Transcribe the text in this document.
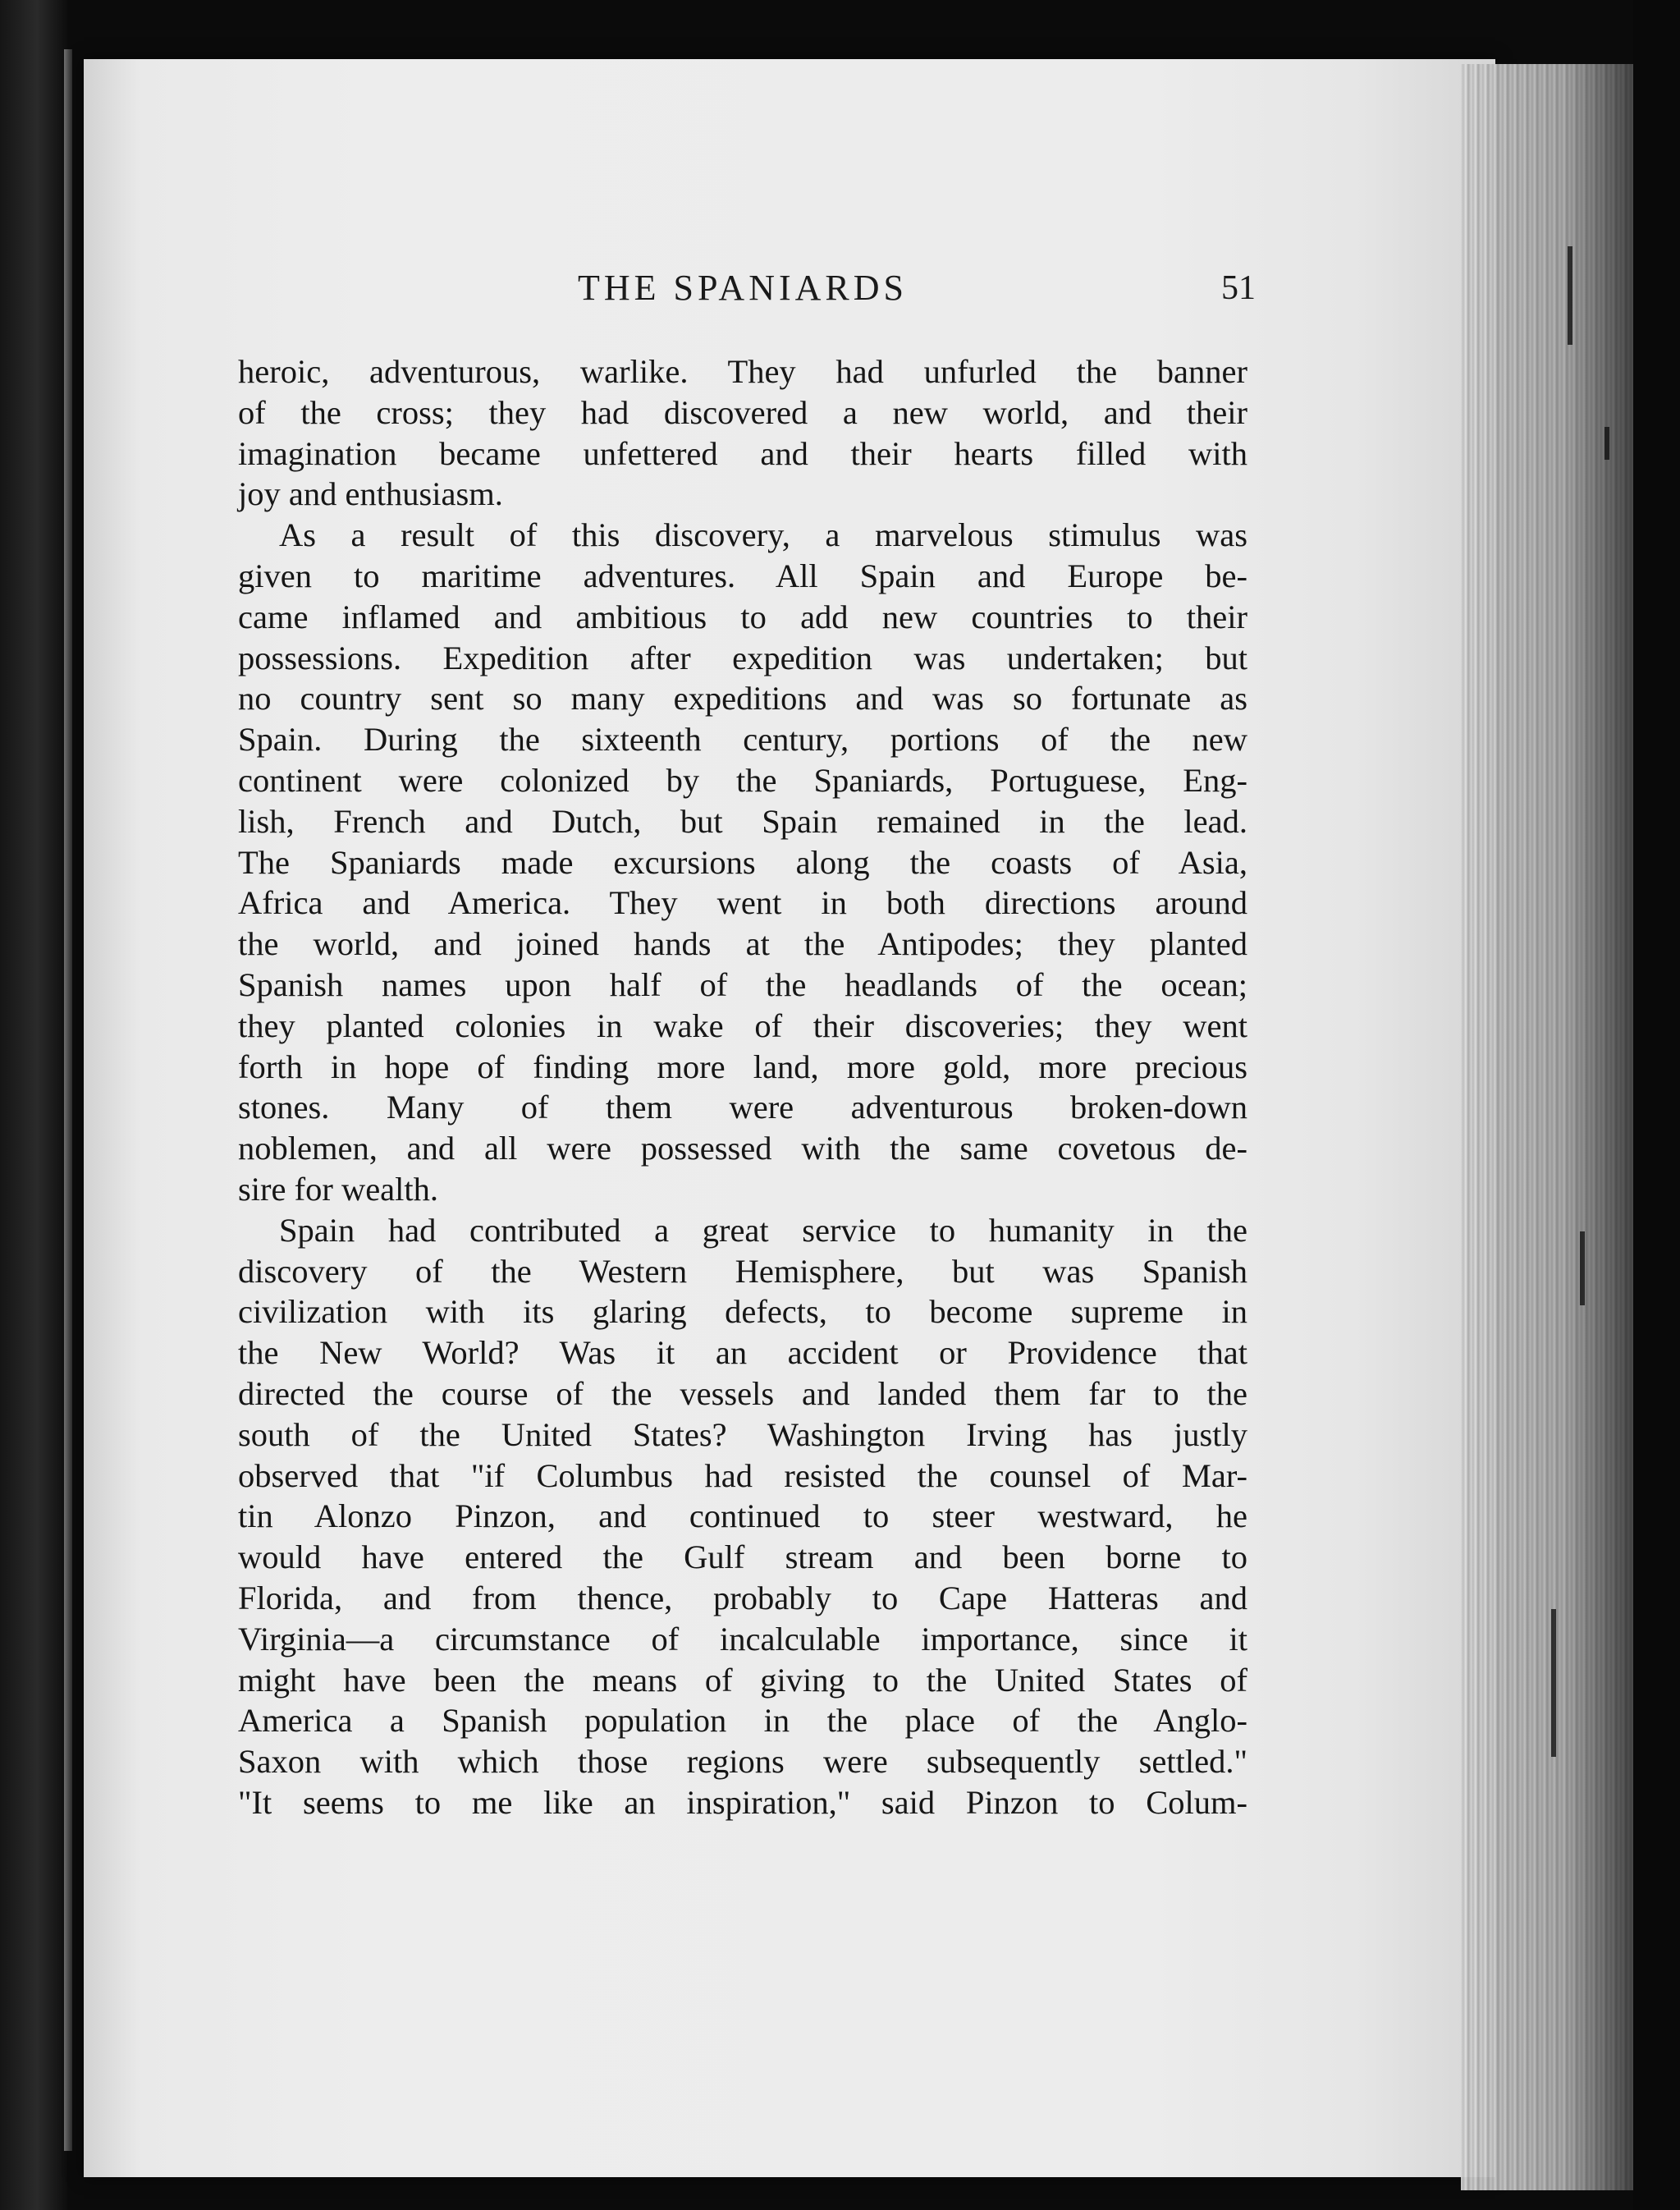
THE SPANIARDS	51
heroic, adventurous, warlike. They had unfurled the banner
of the cross; they had discovered a new world, and their
imagination became unfettered and their hearts filled with
joy and enthusiasm.
As a result of this discovery, a marvelous stimulus was
given to maritime adventures. All Spain and Europe be-
came inflamed and ambitious to add new countries to their
possessions. Expedition after expedition was undertaken; but
no country sent so many expeditions and was so fortunate as
Spain. During the sixteenth century, portions of the new
continent were colonized by the Spaniards, Portuguese, Eng-
lish, French and Dutch, but Spain remained in the lead.
The Spaniards made excursions along the coasts of Asia,
Africa and America. They went in both directions around
the world, and joined hands at the Antipodes; they planted
Spanish names upon half of the headlands of the ocean;
they planted colonies in wake of their discoveries; they went
forth in hope of finding more land, more gold, more precious
stones. Many of them were adventurous broken-down
noblemen, and all were possessed with the same covetous de-
sire for wealth.
Spain had contributed a great service to humanity in the
discovery of the Western Hemisphere, but was Spanish
civilization with its glaring defects, to become supreme in
the New World? Was it an accident or Providence that
directed the course of the vessels and landed them far to the
south of the United States? Washington Irving has justly
observed that "if Columbus had resisted the counsel of Mar-
tin Alonzo Pinzon, and continued to steer westward, he
would have entered the Gulf stream and been borne to
Florida, and from thence, probably to Cape Hatteras and
Virginia—a circumstance of incalculable importance, since it
might have been the means of giving to the United States of
America a Spanish population in the place of the Anglo-
Saxon with which those regions were subsequently settled."
"It seems to me like an inspiration," said Pinzon to Colum-
